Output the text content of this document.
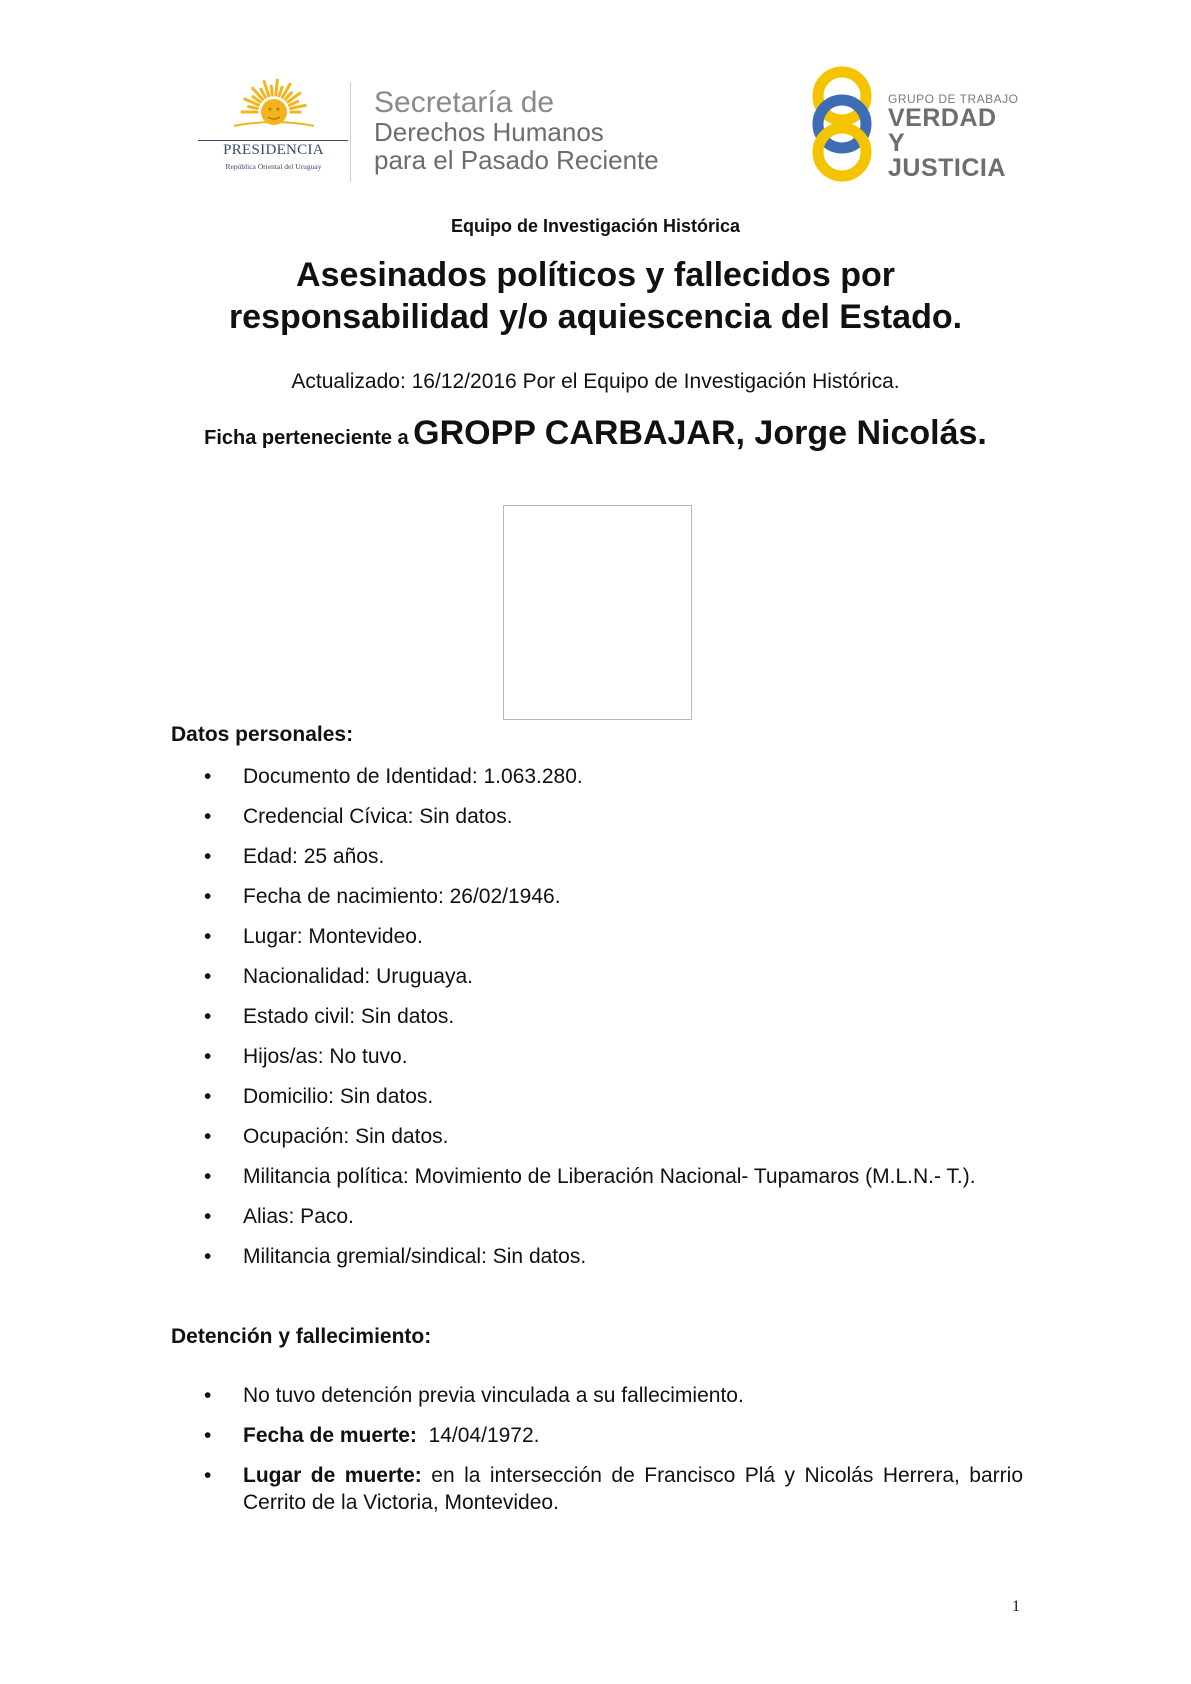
PRESIDENCIA
República Oriental del Uruguay
Secretaría de
Derechos Humanos
para el Pasado Reciente
GRUPO DE TRABAJO
VERDAD Y
JUSTICIA
Equipo de Investigación Histórica
Asesinados políticos y fallecidos por
responsabilidad y/o aquiescencia del Estado.
Actualizado: 16/12/2016 Por el Equipo de Investigación Histórica.
Ficha perteneciente a GROPP CARBAJAR, Jorge Nicolás.
Datos personales:
• Documento de Identidad: 1.063.280.
• Credencial Cívica: Sin datos.
• Edad: 25 años.
• Fecha de nacimiento: 26/02/1946.
• Lugar: Montevideo.
• Nacionalidad: Uruguaya.
• Estado civil: Sin datos.
• Hijos/as: No tuvo.
• Domicilio: Sin datos.
• Ocupación: Sin datos.
• Militancia política: Movimiento de Liberación Nacional- Tupamaros (M.L.N.- T.).
• Alias: Paco.
• Militancia gremial/sindical: Sin datos.
Detención y fallecimiento:
• No tuvo detención previa vinculada a su fallecimiento.
• Fecha de muerte:  14/04/1972.
• Lugar de muerte: en la intersección de Francisco Plá y Nicolás Herrera, barrio Cerrito de la Victoria, Montevideo.
1
